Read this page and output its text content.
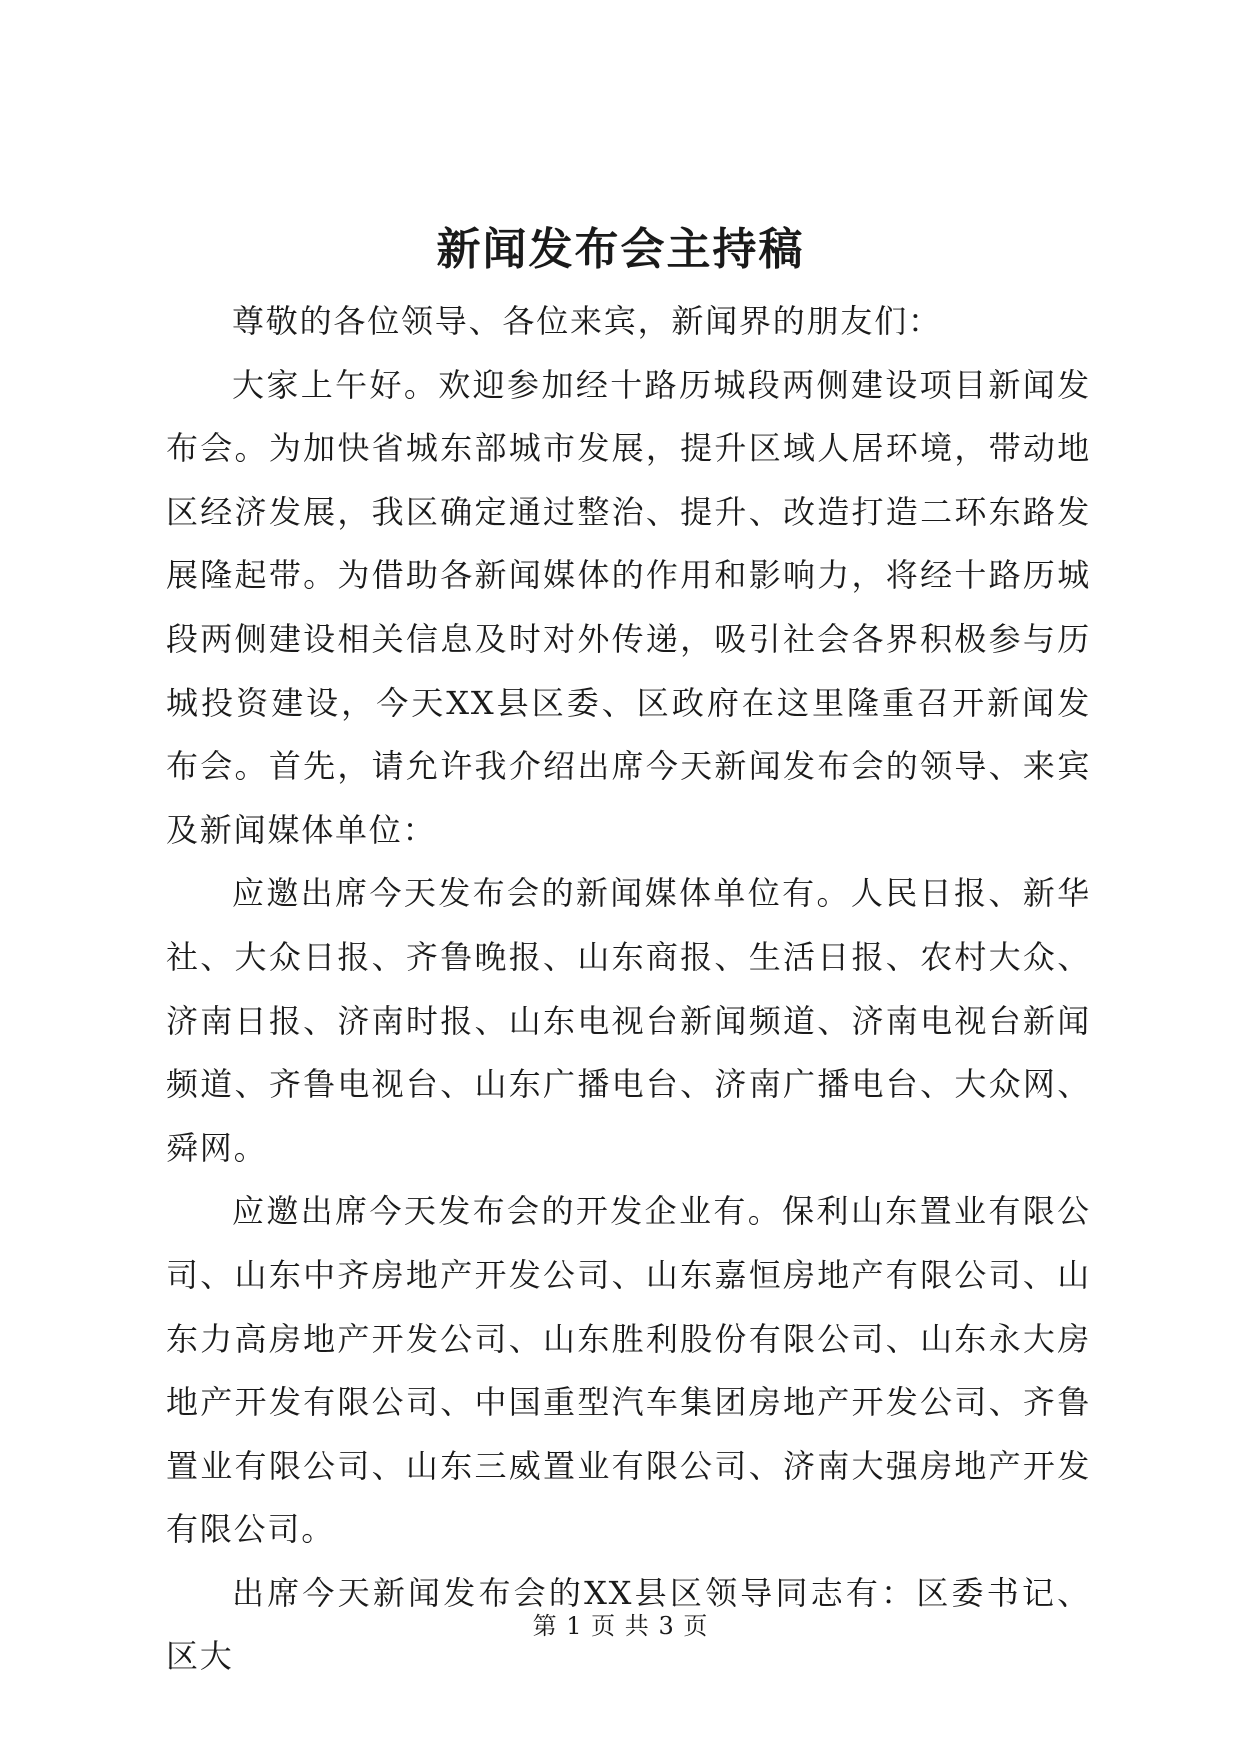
新闻发布会主持稿

尊敬的各位领导、各位来宾，新闻界的朋友们：

大家上午好。欢迎参加经十路历城段两侧建设项目新闻发布会。为加快省城东部城市发展，提升区域人居环境，带动地区经济发展，我区确定通过整治、提升、改造打造二环东路发展隆起带。为借助各新闻媒体的作用和影响力，将经十路历城段两侧建设相关信息及时对外传递，吸引社会各界积极参与历城投资建设，今天XX县区委、区政府在这里隆重召开新闻发布会。首先，请允许我介绍出席今天新闻发布会的领导、来宾及新闻媒体单位：

应邀出席今天发布会的新闻媒体单位有。人民日报、新华社、大众日报、齐鲁晚报、山东商报、生活日报、农村大众、济南日报、济南时报、山东电视台新闻频道、济南电视台新闻频道、齐鲁电视台、山东广播电台、济南广播电台、大众网、舜网。

应邀出席今天发布会的开发企业有。保利山东置业有限公司、山东中齐房地产开发公司、山东嘉恒房地产有限公司、山东力高房地产开发公司、山东胜利股份有限公司、山东永大房地产开发有限公司、中国重型汽车集团房地产开发公司、齐鲁置业有限公司、山东三威置业有限公司、济南大强房地产开发有限公司。

出席今天新闻发布会的XX县区领导同志有：区委书记、区大

第 1 页 共 3 页
